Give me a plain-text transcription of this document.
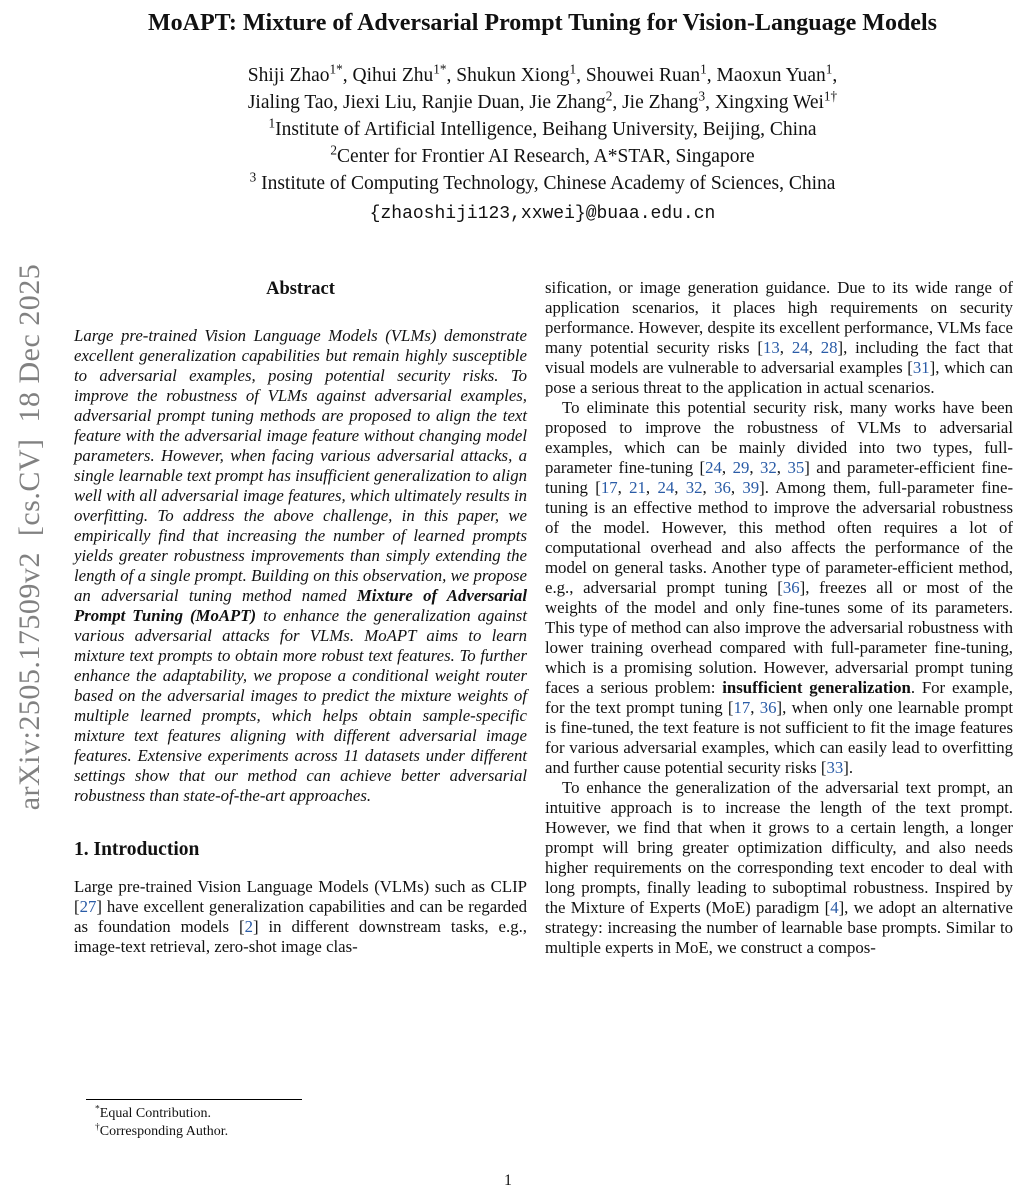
arXiv:2505.17509v2  [cs.CV]  18 Dec 2025

MoAPT: Mixture of Adversarial Prompt Tuning for Vision-Language Models
Shiji Zhao$^{1*}$, Qihui Zhu$^{1*}$, Shukun Xiong$^1$, Shouwei Ruan$^1$, Maoxun Yuan$^1$,
Jialing Tao, Jiexi Liu, Ranjie Duan, Jie Zhang$^2$, Jie Zhang$^3$, Xingxing Wei$^{1\dagger}$
$^1$Institute of Artificial Intelligence, Beihang University, Beijing, China
$^2$Center for Frontier AI Research, A*STAR, Singapore
$^3$ Institute of Computing Technology, Chinese Academy of Sciences, China
{zhaoshiji123,xxwei}@buaa.edu.cn
Abstract

Large pre-trained Vision Language Models (VLMs) demonstrate excellent generalization capabilities but remain highly susceptible to adversarial examples, posing potential security risks. To improve the robustness of VLMs against adversarial examples, adversarial prompt tuning methods are proposed to align the text feature with the adversarial image feature without changing model parameters. However, when facing various adversarial attacks, a single learnable text prompt has insufficient generalization to align well with all adversarial image features, which ultimately results in overfitting. To address the above challenge, in this paper, we empirically find that increasing the number of learned prompts yields greater robustness improvements than simply extending the length of a single prompt. Building on this observation, we propose an adversarial tuning method named Mixture of Adversarial Prompt Tuning (MoAPT) to enhance the generalization against various adversarial attacks for VLMs. MoAPT aims to learn mixture text prompts to obtain more robust text features. To further enhance the adaptability, we propose a conditional weight router based on the adversarial images to predict the mixture weights of multiple learned prompts, which helps obtain sample-specific mixture text features aligning with different adversarial image features. Extensive experiments across 11 datasets under different settings show that our method can achieve better adversarial robustness than state-of-the-art approaches.

1. Introduction

Large pre-trained Vision Language Models (VLMs) such as CLIP [27] have excellent generalization capabilities and can be regarded as foundation models [2] in different downstream tasks, e.g., image-text retrieval, zero-shot image clas-

sification, or image generation guidance. Due to its wide range of application scenarios, it places high requirements on security performance. However, despite its excellent performance, VLMs face many potential security risks [13, 24, 28], including the fact that visual models are vulnerable to adversarial examples [31], which can pose a serious threat to the application in actual scenarios.

To eliminate this potential security risk, many works have been proposed to improve the robustness of VLMs to adversarial examples, which can be mainly divided into two types, full-parameter fine-tuning [24, 29, 32, 35] and parameter-efficient fine-tuning [17, 21, 24, 32, 36, 39]. Among them, full-parameter fine-tuning is an effective method to improve the adversarial robustness of the model. However, this method often requires a lot of computational overhead and also affects the performance of the model on general tasks. Another type of parameter-efficient method, e.g., adversarial prompt tuning [36], freezes all or most of the weights of the model and only fine-tunes some of its parameters. This type of method can also improve the adversarial robustness with lower training overhead compared with full-parameter fine-tuning, which is a promising solution. However, adversarial prompt tuning faces a serious problem: insufficient generalization. For example, for the text prompt tuning [17, 36], when only one learnable prompt is fine-tuned, the text feature is not sufficient to fit the image features for various adversarial examples, which can easily lead to overfitting and further cause potential security risks [33].

To enhance the generalization of the adversarial text prompt, an intuitive approach is to increase the length of the text prompt. However, we find that when it grows to a certain length, a longer prompt will bring greater optimization difficulty, and also needs higher requirements on the corresponding text encoder to deal with long prompts, finally leading to suboptimal robustness. Inspired by the Mixture of Experts (MoE) paradigm [4], we adopt an alternative strategy: increasing the number of learnable base prompts. Similar to multiple experts in MoE, we construct a compos-

*Equal Contribution.
†Corresponding Author.
1
